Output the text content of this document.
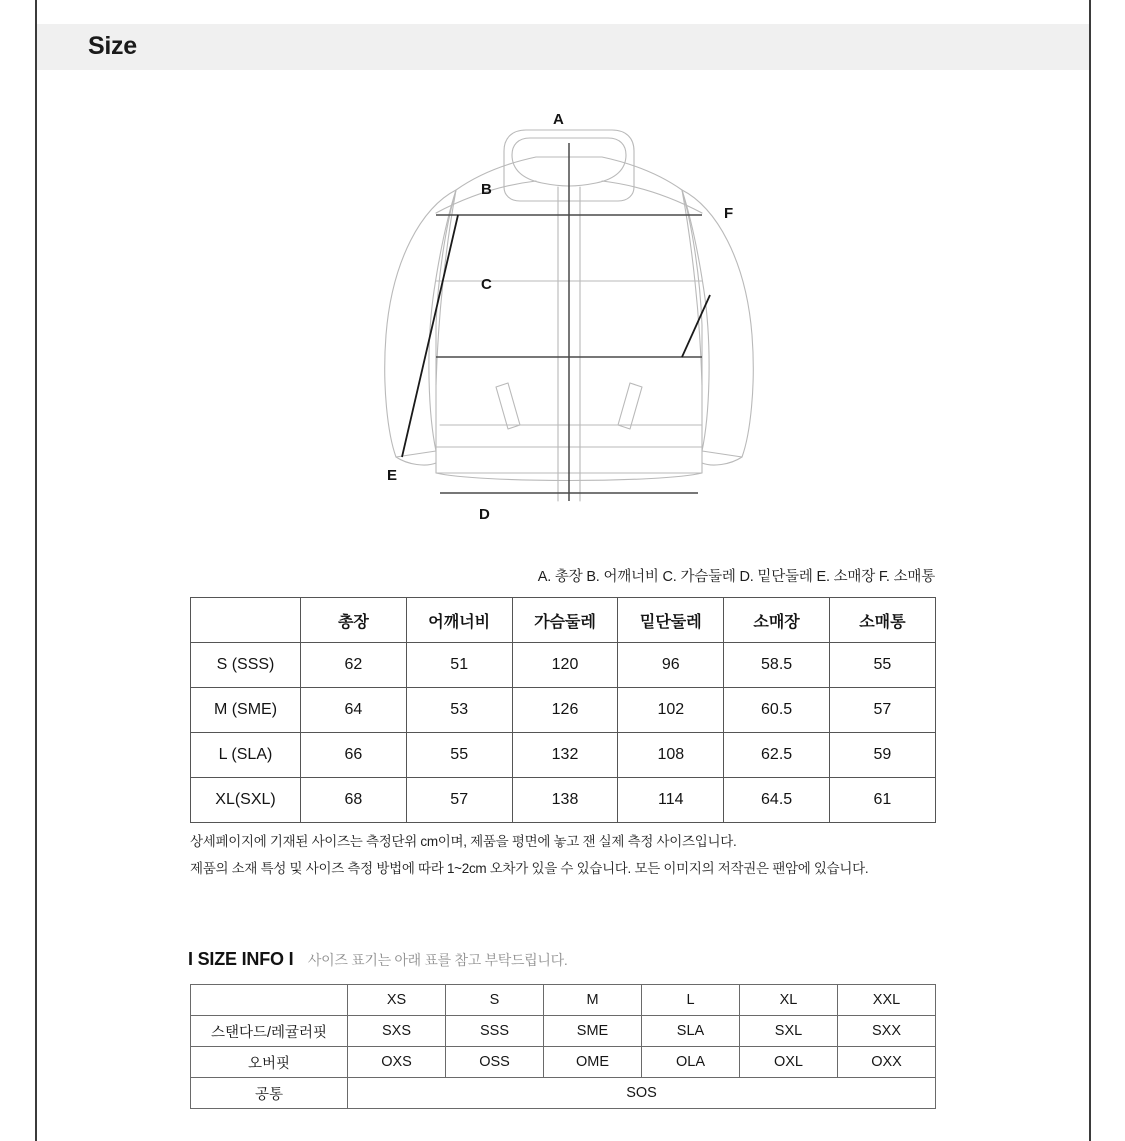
Size
A
B
C
D
E
F
A. 총장 B. 어깨너비 C. 가슴둘레 D. 밑단둘레 E. 소매장 F. 소매통
	총장	어깨너비	가슴둘레	밑단둘레	소매장	소매통
S (SSS)	62	51	120	96	58.5	55
M (SME)	64	53	126	102	60.5	57
L (SLA)	66	55	132	108	62.5	59
XL(SXL)	68	57	138	114	64.5	61
상세페이지에 기재된 사이즈는 측정단위 cm이며, 제품을 평면에 놓고 잰 실제 측정 사이즈입니다.
제품의 소재 특성 및 사이즈 측정 방법에 따라 1~2cm 오차가 있을 수 있습니다. 모든 이미지의 저작권은 팬암에 있습니다.
I SIZE INFO I 사이즈 표기는 아래 표를 참고 부탁드립니다.
	XS	S	M	L	XL	XXL
스탠다드/레귤러핏	SXS	SSS	SME	SLA	SXL	SXX
오버핏	OXS	OSS	OME	OLA	OXL	OXX
공통	SOS					
